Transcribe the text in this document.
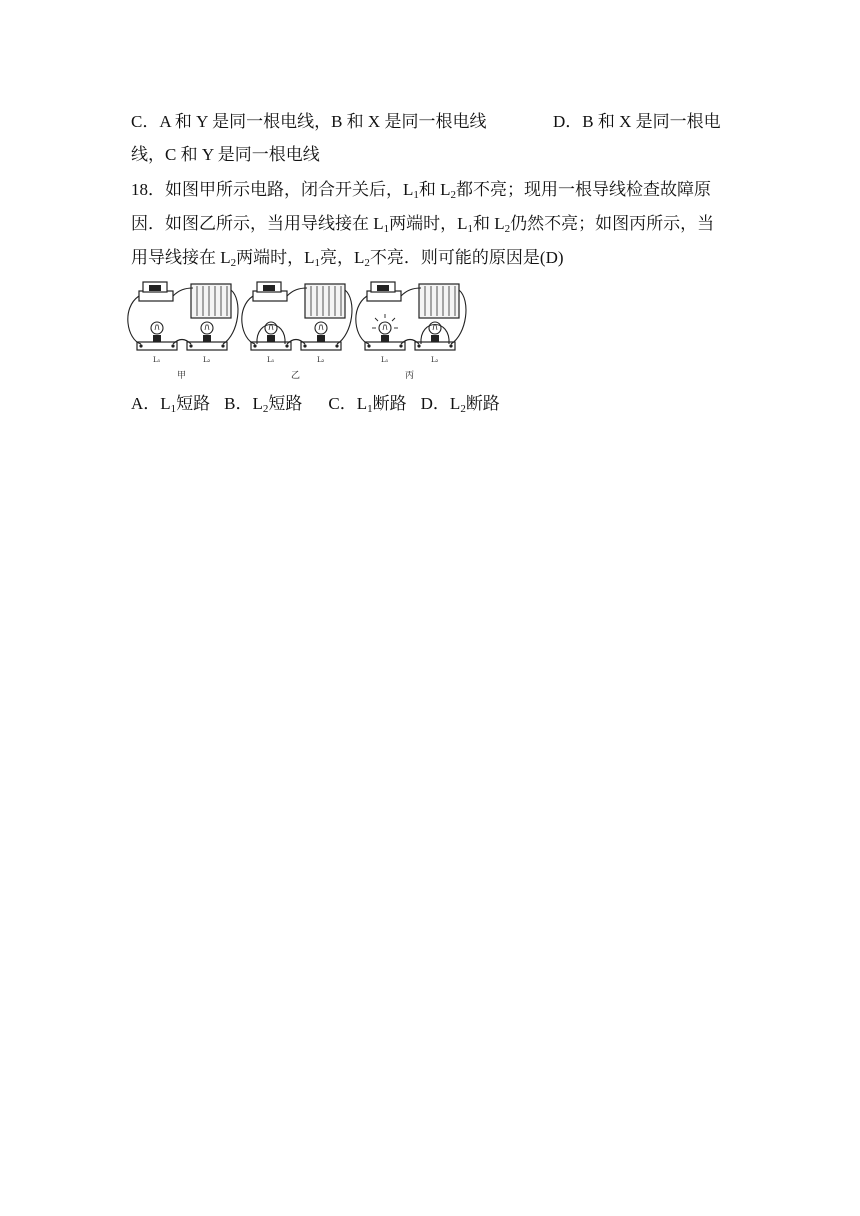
C．A 和 Y 是同一根电线，B 和 X 是同一根电线	D．B 和 X 是同一根电
线，C 和 Y 是同一根电线
18．如图甲所示电路，闭合开关后，$L_1$和 $L_2$都不亮；现用一根导线检查故障原
因．如图乙所示，当用导线接在 $L_1$两端时，$L_1$和 $L_2$仍然不亮；如图丙所示，当
用导线接在 $L_2$两端时，$L_1$亮，$L_2$不亮．则可能的原因是(D)
L₁	L₂
甲
L₁	L₂
乙
L₁	L₂
丙
A．$L_1$短路 B．$L_2$短路 C．$L_1$断路 D．$L_2$断路
